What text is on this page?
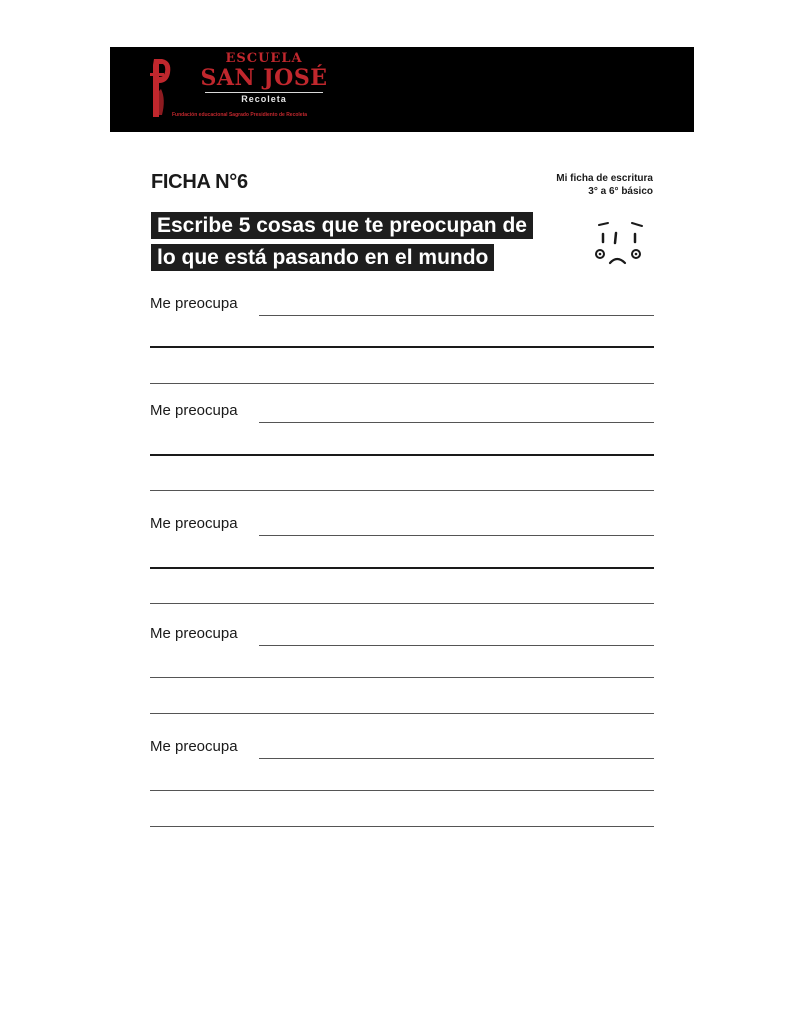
ESCUELA
SAN JOSÉ
Recoleta
Fundación educacional Sagrado Presidiento de Recoleta
FICHA N°6	Mi ficha de escritura
3° a 6° básico
Escribe 5 cosas que te preocupan de
lo que está pasando en el mundo
Me preocupa
Me preocupa
Me preocupa
Me preocupa
Me preocupa
